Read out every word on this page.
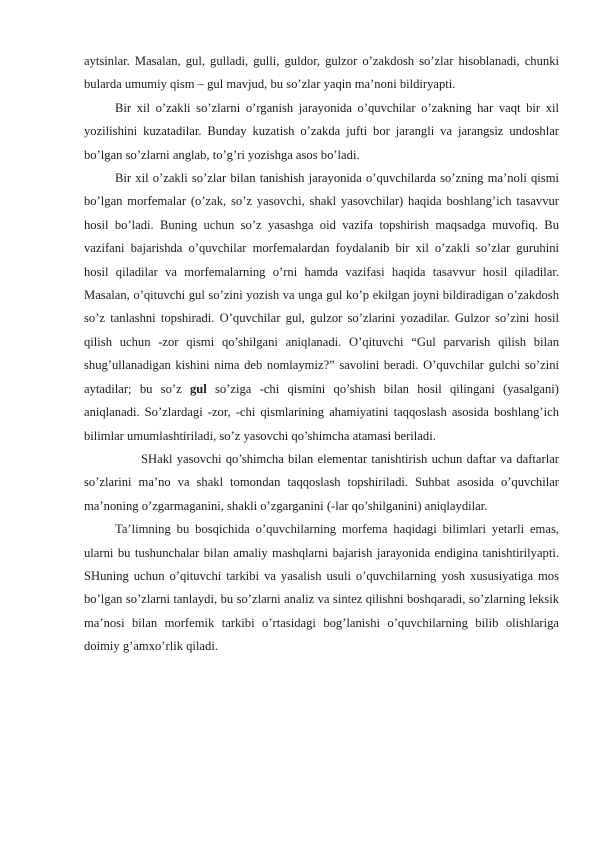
aytsinlar. Masalan, gul, gulladi, gulli, guldor, gulzor o’zakdosh so’zlar hisoblanadi, chunki bularda umumiy qism – gul mavjud, bu so’zlar yaqin ma’noni bildiryapti.

Bir xil o’zakli so’zlarni o’rganish jarayonida o’quvchilar o’zakning har vaqt bir xil yozilishini kuzatadilar. Bunday kuzatish o’zakda jufti bor jarangli va jarangsiz undoshlar bo’lgan so’zlarni anglab, to’g’ri yozishga asos bo’ladi.

Bir xil o’zakli so’zlar bilan tanishish jarayonida o’quvchilarda so’zning ma’noli qismi bo’lgan morfemalar (o’zak, so’z yasovchi, shakl yasovchilar) haqida boshlang’ich tasavvur hosil bo’ladi. Buning uchun so’z yasashga oid vazifa topshirish maqsadga muvofiq. Bu vazifani bajarishda o’quvchilar morfemalardan foydalanib bir xil o’zakli so’zlar guruhini hosil qiladilar va morfemalarning o’rni hamda vazifasi haqida tasavvur hosil qiladilar. Masalan, o’qituvchi gul so’zini yozish va unga gul ko’p ekilgan joyni bildiradigan o’zakdosh so’z tanlashni topshiradi. O’quvchilar gul, gulzor so’zlarini yozadilar. Gulzor so’zini hosil qilish uchun -zor qismi qo’shilgani aniqlanadi. O’qituvchi “Gul parvarish qilish bilan shug’ullanadigan kishini nima deb nomlaymiz?” savolini beradi. O’quvchilar gulchi so’zini aytadilar; bu so’z gul so’ziga -chi qismini qo’shish bilan hosil qilingani (yasalgani) aniqlanadi. So’zlardagi -zor, -chi qismlarining ahamiyatini taqqoslash asosida boshlang’ich bilimlar umumlashtiriladi, so’z yasovchi qo’shimcha atamasi beriladi.

SHakl yasovchi qo’shimcha bilan elementar tanishtirish uchun daftar va daftarlar so’zlarini ma’no va shakl tomondan taqqoslash topshiriladi. Suhbat asosida o’quvchilar ma’noning o’zgarmaganini, shakli o’zgarganini (-lar qo’shilganini) aniqlaydilar.

Ta’limning bu bosqichida o’quvchilarning morfema haqidagi bilimlari yetarli emas, ularni bu tushunchalar bilan amaliy mashqlarni bajarish jarayonida endigina tanishtirilyapti. SHuning uchun o’qituvchi tarkibi va yasalish usuli o’quvchilarning yosh xususiyatiga mos bo’lgan so’zlarni tanlaydi, bu so’zlarni analiz va sintez qilishni boshqaradi, so’zlarning leksik ma’nosi bilan morfemik tarkibi o’rtasidagi bog’lanishi o’quvchilarning bilib olishlariga doimiy g’amxo’rlik qiladi.
